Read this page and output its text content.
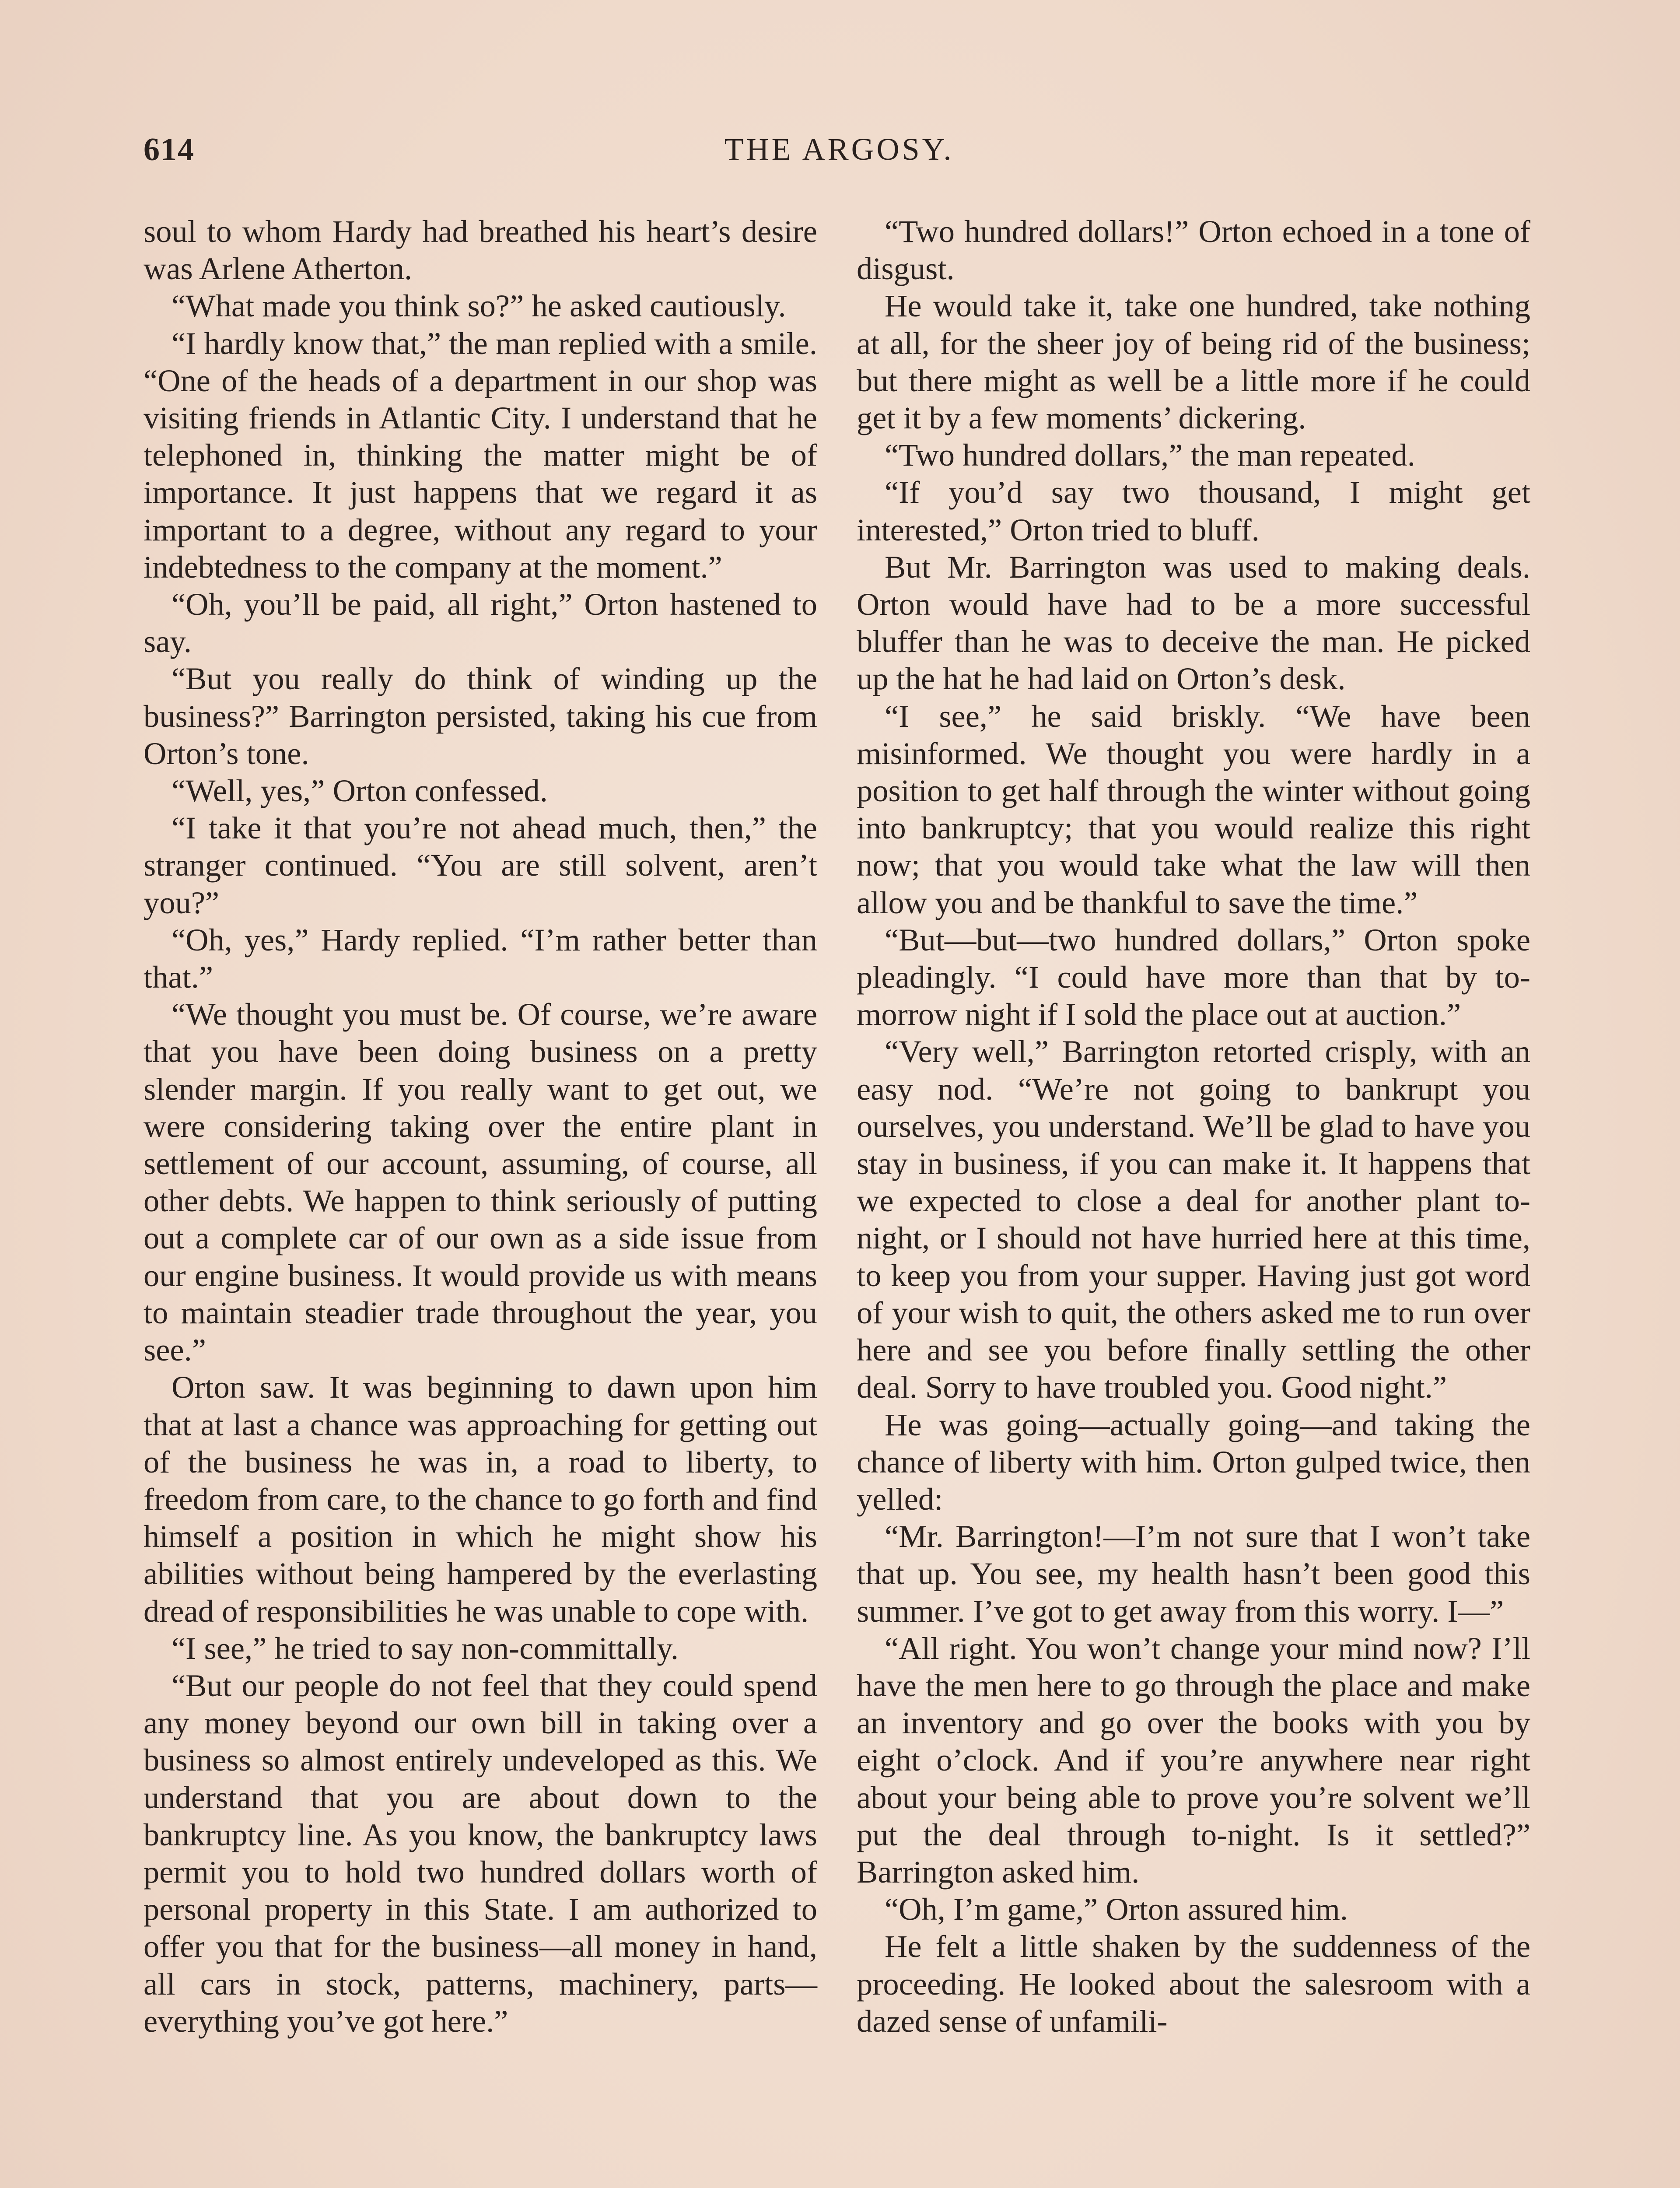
614	THE ARGOSY.

soul to whom Hardy had breathed his heart’s desire was Arlene Atherton.

“What made you think so?” he asked cautiously.

“I hardly know that,” the man replied with a smile. “One of the heads of a department in our shop was visiting friends in Atlantic City. I understand that he telephoned in, thinking the matter might be of importance. It just happens that we regard it as important to a degree, without any regard to your indebtedness to the company at the moment.”

“Oh, you’ll be paid, all right,” Orton hastened to say.

“But you really do think of winding up the business?” Barrington persisted, taking his cue from Orton’s tone.

“Well, yes,” Orton confessed.

“I take it that you’re not ahead much, then,” the stranger continued. “You are still solvent, aren’t you?”

“Oh, yes,” Hardy replied. “I’m rather better than that.”

“We thought you must be. Of course, we’re aware that you have been doing business on a pretty slender margin. If you really want to get out, we were considering taking over the entire plant in settlement of our account, assuming, of course, all other debts. We happen to think seriously of putting out a complete car of our own as a side issue from our engine business. It would provide us with means to maintain steadier trade throughout the year, you see.”

Orton saw. It was beginning to dawn upon him that at last a chance was approaching for getting out of the business he was in, a road to liberty, to freedom from care, to the chance to go forth and find himself a position in which he might show his abilities without being hampered by the everlasting dread of responsibilities he was unable to cope with.

“I see,” he tried to say non-committally.

“But our people do not feel that they could spend any money beyond our own bill in taking over a business so almost entirely undeveloped as this. We understand that you are about down to the bankruptcy line. As you know, the bankruptcy laws permit you to hold two hundred dollars worth of personal property in this State. I am authorized to offer you that for the business—all money in hand, all cars in stock, patterns, machinery, parts—everything you’ve got here.”

“Two hundred dollars!” Orton echoed in a tone of disgust.

He would take it, take one hundred, take nothing at all, for the sheer joy of being rid of the business; but there might as well be a little more if he could get it by a few moments’ dickering.

“Two hundred dollars,” the man repeated.

“If you’d say two thousand, I might get interested,” Orton tried to bluff.

But Mr. Barrington was used to making deals. Orton would have had to be a more successful bluffer than he was to deceive the man. He picked up the hat he had laid on Orton’s desk.

“I see,” he said briskly. “We have been misinformed. We thought you were hardly in a position to get half through the winter without going into bankruptcy; that you would realize this right now; that you would take what the law will then allow you and be thankful to save the time.”

“But—but—two hundred dollars,” Orton spoke pleadingly. “I could have more than that by to-morrow night if I sold the place out at auction.”

“Very well,” Barrington retorted crisply, with an easy nod. “We’re not going to bankrupt you ourselves, you understand. We’ll be glad to have you stay in business, if you can make it. It happens that we expected to close a deal for another plant to-night, or I should not have hurried here at this time, to keep you from your supper. Having just got word of your wish to quit, the others asked me to run over here and see you before finally settling the other deal. Sorry to have troubled you. Good night.”

He was going—actually going—and taking the chance of liberty with him. Orton gulped twice, then yelled:

“Mr. Barrington!—I’m not sure that I won’t take that up. You see, my health hasn’t been good this summer. I’ve got to get away from this worry. I—”

“All right. You won’t change your mind now? I’ll have the men here to go through the place and make an inventory and go over the books with you by eight o’clock. And if you’re anywhere near right about your being able to prove you’re solvent we’ll put the deal through to-night. Is it settled?” Barrington asked him.

“Oh, I’m game,” Orton assured him.

He felt a little shaken by the suddenness of the proceeding. He looked about the salesroom with a dazed sense of unfamili-
